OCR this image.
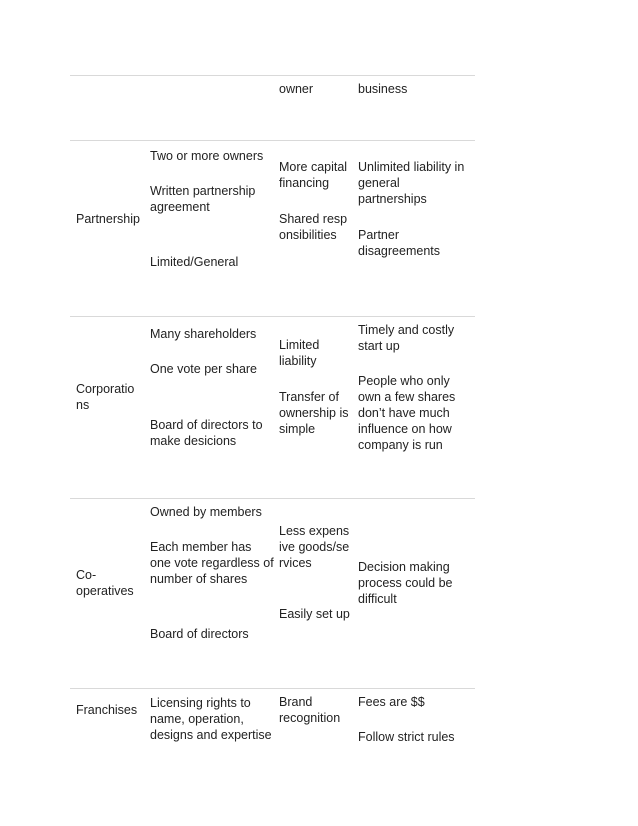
owner	business

Partnership

Two or more owners

Written partnership agreement

Limited/General

More capital financing

Shared responsibilities

Unlimited liability in general partnerships

Partner disagreements

Corporations

Many shareholders

One vote per share

Board of directors to make desicions

Limited liability

Transfer of ownership is simple

Timely and costly start up

People who only own a few shares don’t have much influence on how company is run

Co-operatives

Owned by members

Each member has one vote regardless of number of shares

Board of directors

Less expensive goods/services

Easily set up

Decision making process could be difficult

Franchises Licensing rights to name, operation, designs and expertise

Brand recognition

Fees are $$

Follow strict rules
